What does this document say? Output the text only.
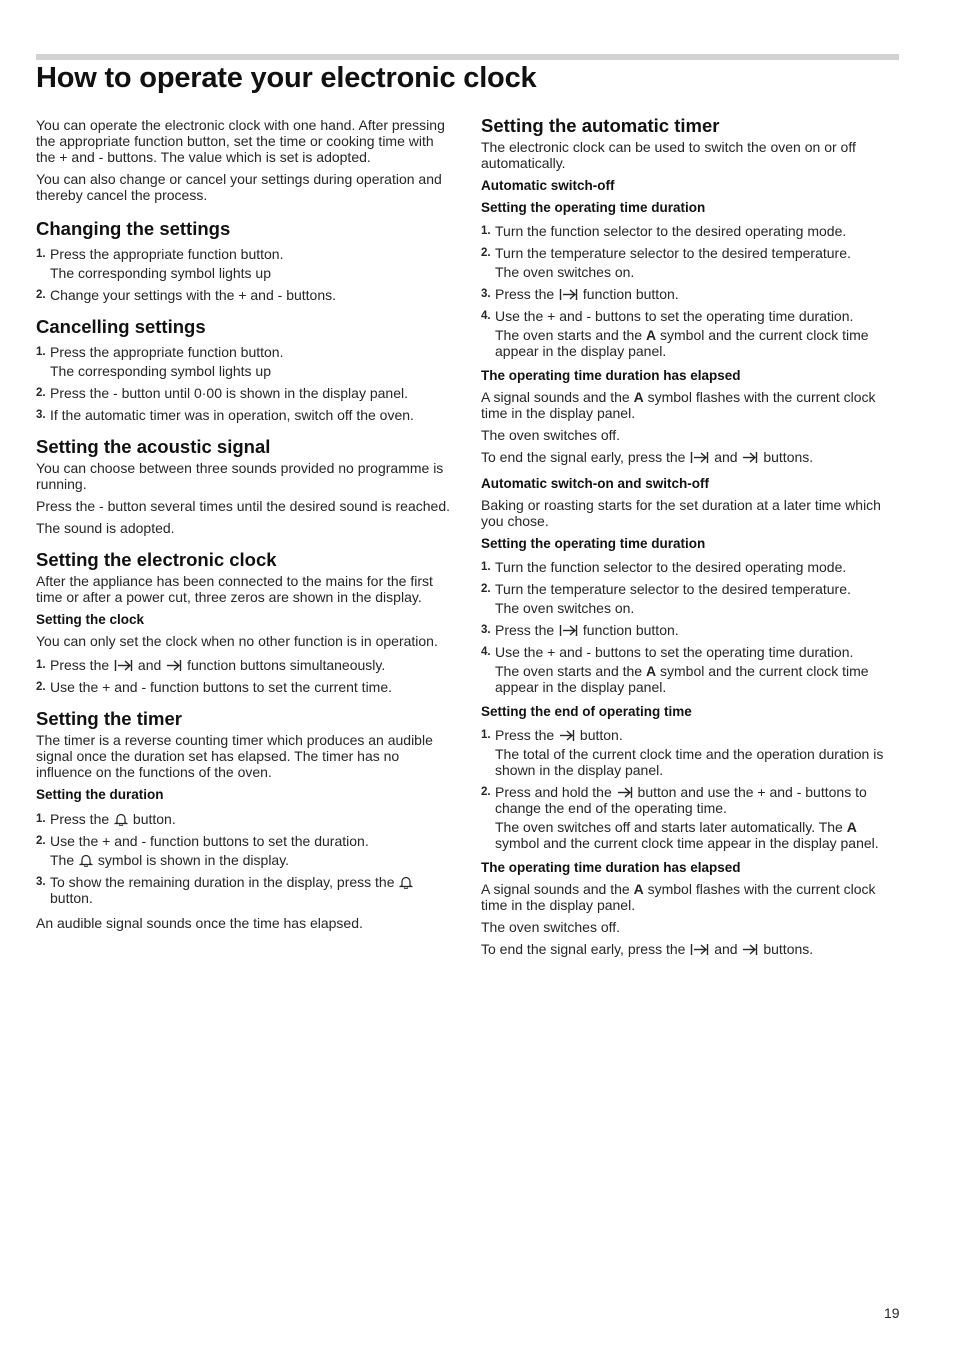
How to operate your electronic clock

You can operate the electronic clock with one hand. After pressing the appropriate function button, set the time or cooking time with the + and - buttons. The value which is set is adopted.

You can also change or cancel your settings during operation and thereby cancel the process.

Changing the settings
1. Press the appropriate function button.
The corresponding symbol lights up
2. Change your settings with the + and - buttons.
Cancelling settings
1. Press the appropriate function button.
The corresponding symbol lights up
2. Press the - button until 0·00 is shown in the display panel.
3. If the automatic timer was in operation, switch off the oven.
Setting the acoustic signal

You can choose between three sounds provided no programme is running.

Press the - button several times until the desired sound is reached.

The sound is adopted.

Setting the electronic clock

After the appliance has been connected to the mains for the first time or after a power cut, three zeros are shown in the display.

Setting the clock

You can only set the clock when no other function is in operation.

1. Press the and function buttons simultaneously.
2. Use the + and - function buttons to set the current time.
Setting the timer

The timer is a reverse counting timer which produces an audible signal once the duration set has elapsed. The timer has no influence on the functions of the oven.

Setting the duration
1. Press the button.
2. Use the + and - function buttons to set the duration.
The symbol is shown in the display.
3. To show the remaining duration in the display, press the  button.

An audible signal sounds once the time has elapsed.

Setting the automatic timer

The electronic clock can be used to switch the oven on or off automatically.

Automatic switch-off
Setting the operating time duration
1. Turn the function selector to the desired operating mode.
2. Turn the temperature selector to the desired temperature.
The oven switches on.
3. Press the function button.
4. Use the + and - buttons to set the operating time duration.
The oven starts and the A symbol and the current clock time appear in the display panel.
The operating time duration has elapsed

A signal sounds and the A symbol flashes with the current clock time in the display panel.

The oven switches off.

To end the signal early, press the and buttons.

Automatic switch-on and switch-off

Baking or roasting starts for the set duration at a later time which you chose.

Setting the operating time duration
1. Turn the function selector to the desired operating mode.
2. Turn the temperature selector to the desired temperature.
The oven switches on.
3. Press the function button.
4. Use the + and - buttons to set the operating time duration.
The oven starts and the A symbol and the current clock time appear in the display panel.
Setting the end of operating time
1. Press the button.
The total of the current clock time and the operation duration is shown in the display panel.
2. Press and hold the button and use the + and - buttons to change the end of the operating time.
The oven switches off and starts later automatically. The A symbol and the current clock time appear in the display panel.
The operating time duration has elapsed

A signal sounds and the A symbol flashes with the current clock time in the display panel.

The oven switches off.

To end the signal early, press the and buttons.

19
